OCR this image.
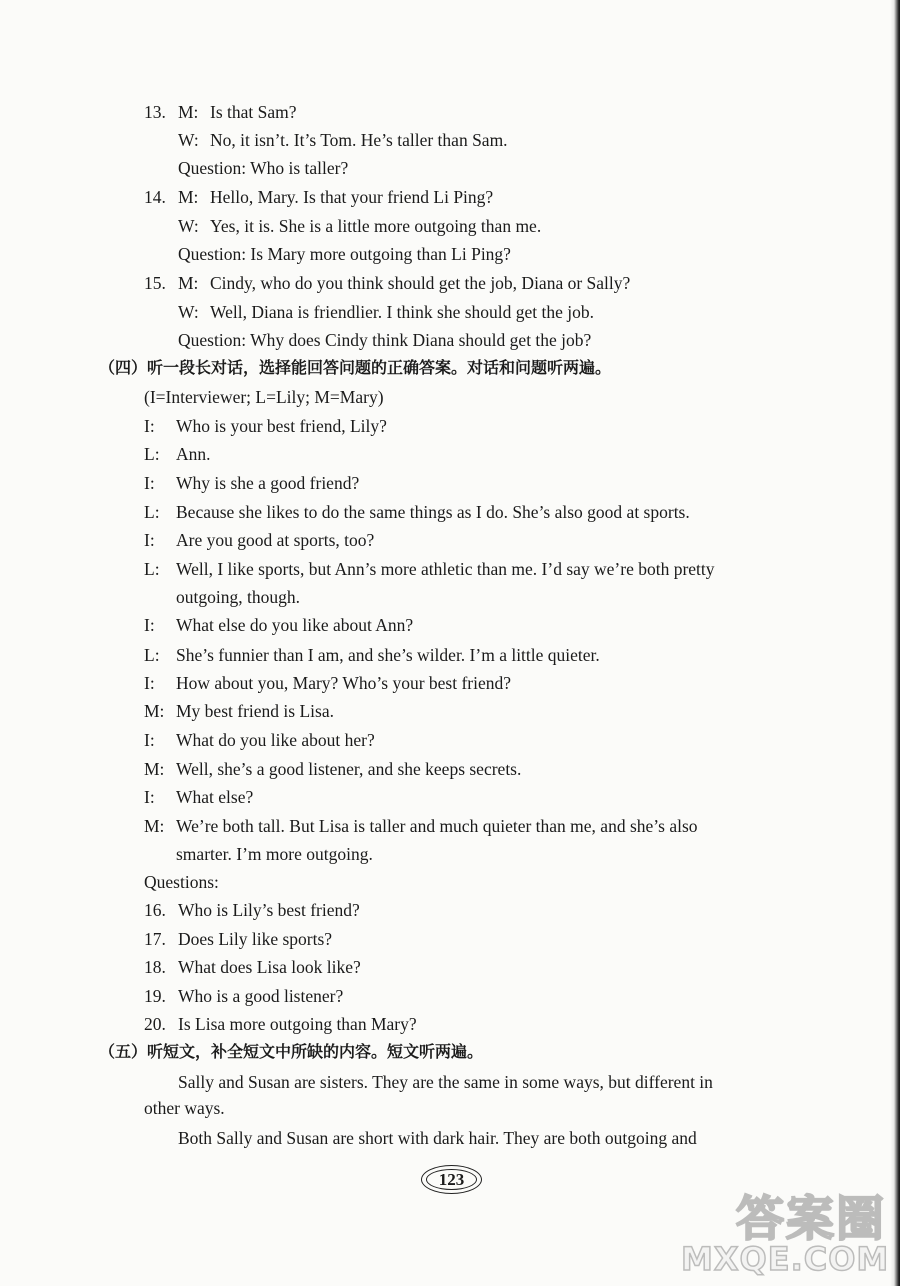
13. M: Is that Sam?
W: No, it isn’t. It’s Tom. He’s taller than Sam.
Question: Who is taller?
14. M: Hello, Mary. Is that your friend Li Ping?
W: Yes, it is. She is a little more outgoing than me.
Question: Is Mary more outgoing than Li Ping?
15. M: Cindy, who do you think should get the job, Diana or Sally?
W: Well, Diana is friendlier. I think she should get the job.
Question: Why does Cindy think Diana should get the job?
（四）听一段长对话，选择能回答问题的正确答案。对话和问题听两遍。
(I=Interviewer; L=Lily; M=Mary)
I: Who is your best friend, Lily?
L: Ann.
I: Why is she a good friend?
L: Because she likes to do the same things as I do. She’s also good at sports.
I: Are you good at sports, too?
L: Well, I like sports, but Ann’s more athletic than me. I’d say we’re both pretty
outgoing, though.
I: What else do you like about Ann?
L: She’s funnier than I am, and she’s wilder. I’m a little quieter.
I: How about you, Mary? Who’s your best friend?
M: My best friend is Lisa.
I: What do you like about her?
M: Well, she’s a good listener, and she keeps secrets.
I: What else?
M: We’re both tall. But Lisa is taller and much quieter than me, and she’s also
smarter. I’m more outgoing.
Questions:
16. Who is Lily’s best friend?
17. Does Lily like sports?
18. What does Lisa look like?
19. Who is a good listener?
20. Is Lisa more outgoing than Mary?
（五）听短文，补全短文中所缺的内容。短文听两遍。
Sally and Susan are sisters. They are the same in some ways, but different in
other ways.
Both Sally and Susan are short with dark hair. They are both outgoing and
123
答案圈
MXQE.COM
